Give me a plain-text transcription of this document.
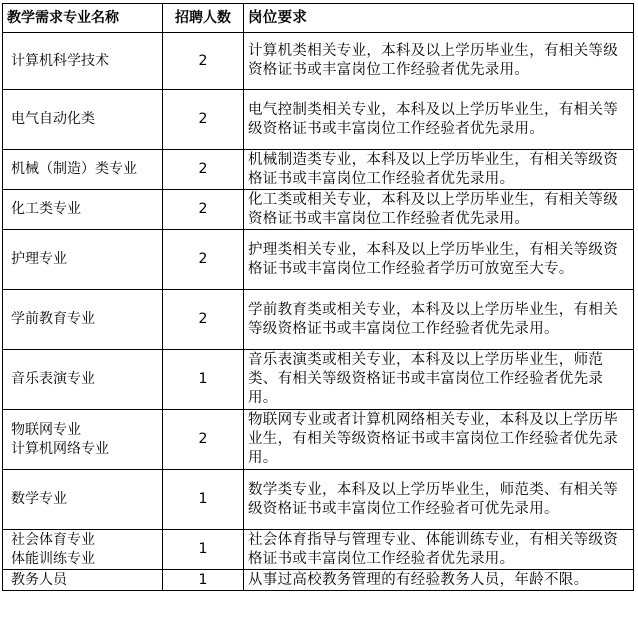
教学需求专业名称	招聘人数	岗位要求

计算机科学技术	2	计算机类相关专业，本科及以上学历毕业生，有相关等级资格证书或丰富岗位工作经验者优先录用。

电气自动化类	2	电气控制类相关专业，本科及以上学历毕业生，有相关等级资格证书或丰富岗位工作经验者优先录用。

机械（制造）类专业	2	机械制造类专业，本科及以上学历毕业生，有相关等级资格证书或丰富岗位工作经验者优先录用。

化工类专业	2	化工类或相关专业，本科及以上学历毕业生，有相关等级资格证书或丰富岗位工作经验者优先录用。

护理专业	2	护理类相关专业，本科及以上学历毕业生，有相关等级资格证书或丰富岗位工作经验者学历可放宽至大专。

学前教育专业	2	学前教育类或相关专业，本科及以上学历毕业生，有相关等级资格证书或丰富岗位工作经验者优先录用。

音乐表演专业	1	音乐表演类或相关专业，本科及以上学历毕业生，师范类、有相关等级资格证书或丰富岗位工作经验者优先录用。

物联网专业
计算机网络专业	2	物联网专业或者计算机网络相关专业，本科及以上学历毕业生，有相关等级资格证书或丰富岗位工作经验者优先录用。

数学专业	1	数学类专业，本科及以上学历毕业生，师范类、有相关等级资格证书或丰富岗位工作经验者可优先录用。

社会体育专业
体能训练专业	1	社会体育指导与管理专业、体能训练专业，有相关等级资格证书或丰富岗位工作经验者优先录用。

教务人员	1	从事过高校教务管理的有经验教务人员，年龄不限。
